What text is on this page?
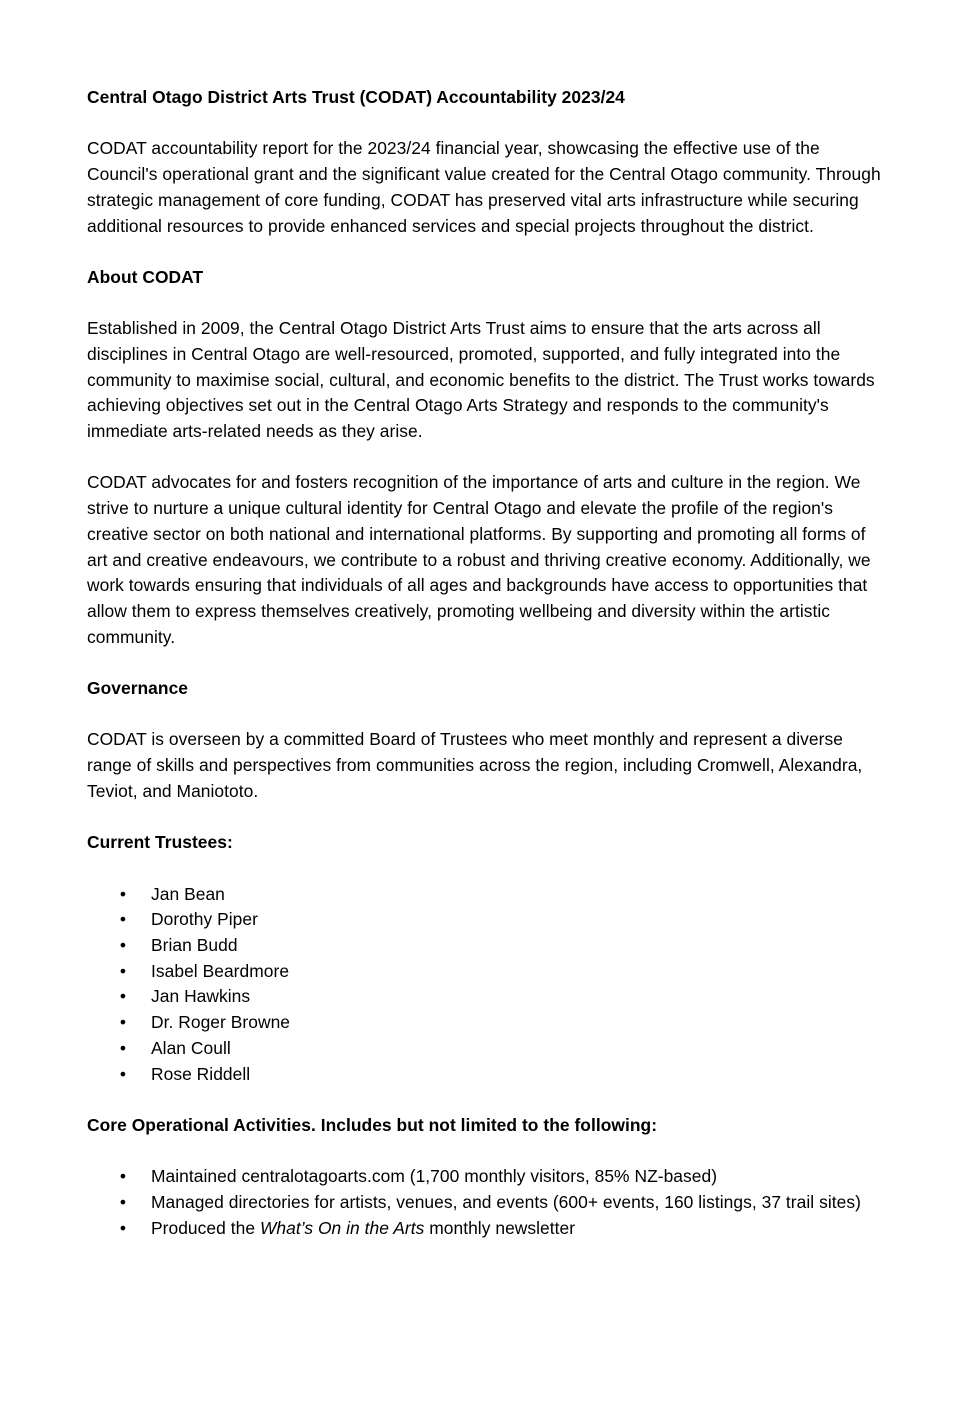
Central Otago District Arts Trust (CODAT) Accountability 2023/24

CODAT accountability report for the 2023/24 financial year, showcasing the effective use of the Council's operational grant and the significant value created for the Central Otago community. Through strategic management of core funding, CODAT has preserved vital arts infrastructure while securing additional resources to provide enhanced services and special projects throughout the district.

About CODAT

Established in 2009, the Central Otago District Arts Trust aims to ensure that the arts across all disciplines in Central Otago are well-resourced, promoted, supported, and fully integrated into the community to maximise social, cultural, and economic benefits to the district. The Trust works towards achieving objectives set out in the Central Otago Arts Strategy and responds to the community's immediate arts-related needs as they arise.

CODAT advocates for and fosters recognition of the importance of arts and culture in the region. We strive to nurture a unique cultural identity for Central Otago and elevate the profile of the region's creative sector on both national and international platforms. By supporting and promoting all forms of art and creative endeavours, we contribute to a robust and thriving creative economy. Additionally, we work towards ensuring that individuals of all ages and backgrounds have access to opportunities that allow them to express themselves creatively, promoting wellbeing and diversity within the artistic community.

Governance

CODAT is overseen by a committed Board of Trustees who meet monthly and represent a diverse range of skills and perspectives from communities across the region, including Cromwell, Alexandra, Teviot, and Maniototo.

Current Trustees:

• Jan Bean
• Dorothy Piper
• Brian Budd
• Isabel Beardmore
• Jan Hawkins
• Dr. Roger Browne
• Alan Coull
• Rose Riddell

Core Operational Activities. Includes but not limited to the following:

• Maintained centralotagoarts.com (1,700 monthly visitors, 85% NZ-based)
• Managed directories for artists, venues, and events (600+ events, 160 listings, 37 trail sites)
• Produced the What’s On in the Arts monthly newsletter
